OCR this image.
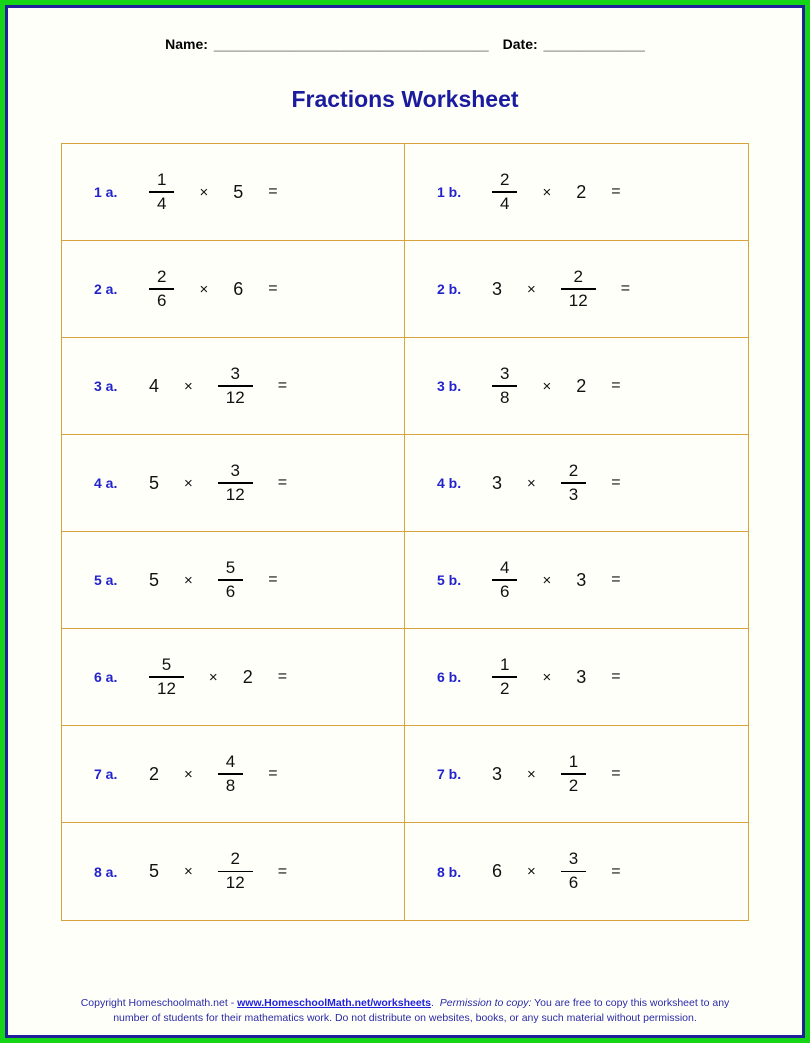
Name: ______________________________________ Date: ______________
Fractions Worksheet
1 a.	$\frac{1}{4} \times 5$ =	1 b.	$\frac{2}{4} \times 2$ =
2 a.	$\frac{2}{6} \times 6$ =	2 b.	$3 \times \frac{2}{12}$ =
3 a.	$4 \times \frac{3}{12}$ =	3 b.	$\frac{3}{8} \times 2$ =
4 a.	$5 \times \frac{3}{12}$ =	4 b.	$3 \times \frac{2}{3}$ =
5 a.	$5 \times \frac{5}{6}$ =	5 b.	$\frac{4}{6} \times 3$ =
6 a.	$\frac{5}{12} \times 2$ =	6 b.	$\frac{1}{2} \times 3$ =
7 a.	$2 \times \frac{4}{8}$ =	7 b.	$3 \times \frac{1}{2}$ =
8 a.	$5 \times \frac{2}{12}$ =	8 b.	$6 \times \frac{3}{6}$ =
Copyright Homeschoolmath.net - www.HomeschoolMath.net/worksheets. Permission to copy: You are free to copy this worksheet to any
number of students for their mathematics work. Do not distribute on websites, books, or any such material without permission.
